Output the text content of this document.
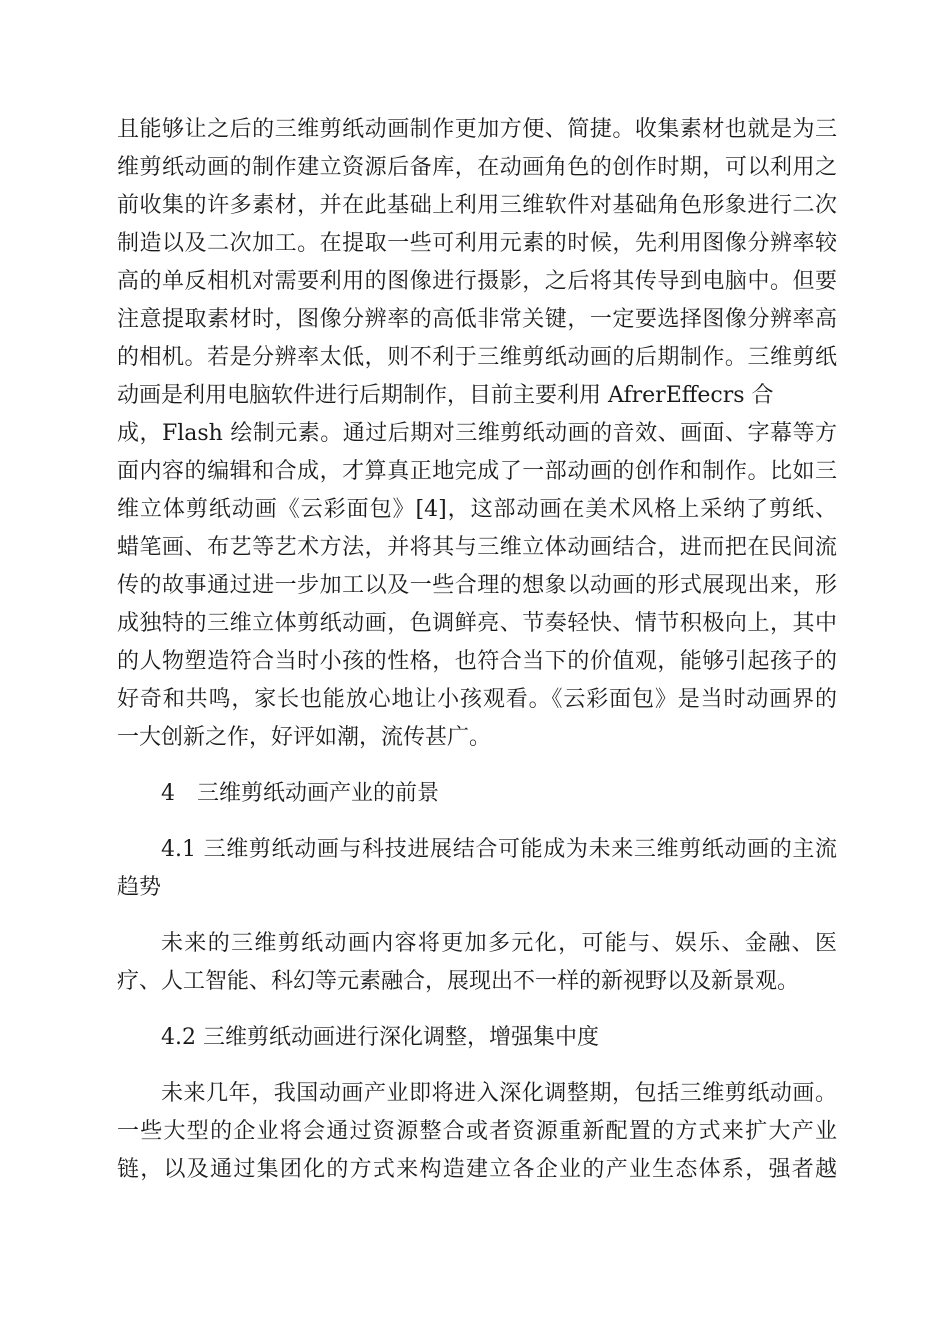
且能够让之后的三维剪纸动画制作更加方便、简捷。收集素材也就是为三

维剪纸动画的制作建立资源后备库，在动画角色的创作时期，可以利用之

前收集的许多素材，并在此基础上利用三维软件对基础角色形象进行二次

制造以及二次加工。在提取一些可利用元素的时候，先利用图像分辨率较

高的单反相机对需要利用的图像进行摄影，之后将其传导到电脑中。但要

注意提取素材时，图像分辨率的高低非常关键，一定要选择图像分辨率高

的相机。若是分辨率太低，则不利于三维剪纸动画的后期制作。三维剪纸

动画是利用电脑软件进行后期制作，目前主要利用 AfrerEffecrs 合

成，Flash 绘制元素。通过后期对三维剪纸动画的音效、画面、字幕等方

面内容的编辑和合成，才算真正地完成了一部动画的创作和制作。比如三

维立体剪纸动画《云彩面包》[4]，这部动画在美术风格上采纳了剪纸、

蜡笔画、布艺等艺术方法，并将其与三维立体动画结合，进而把在民间流

传的故事通过进一步加工以及一些合理的想象以动画的形式展现出来，形

成独特的三维立体剪纸动画，色调鲜亮、节奏轻快、情节积极向上，其中

的人物塑造符合当时小孩的性格，也符合当下的价值观，能够引起孩子的

好奇和共鸣，家长也能放心地让小孩观看。《云彩面包》是当时动画界的

一大创新之作，好评如潮，流传甚广。

4　三维剪纸动画产业的前景

4.1 三维剪纸动画与科技进展结合可能成为未来三维剪纸动画的主流

趋势

未来的三维剪纸动画内容将更加多元化，可能与、娱乐、金融、医

疗、人工智能、科幻等元素融合，展现出不一样的新视野以及新景观。

4.2 三维剪纸动画进行深化调整，增强集中度

未来几年，我国动画产业即将进入深化调整期，包括三维剪纸动画。

一些大型的企业将会通过资源整合或者资源重新配置的方式来扩大产业

链，以及通过集团化的方式来构造建立各企业的产业生态体系，强者越
